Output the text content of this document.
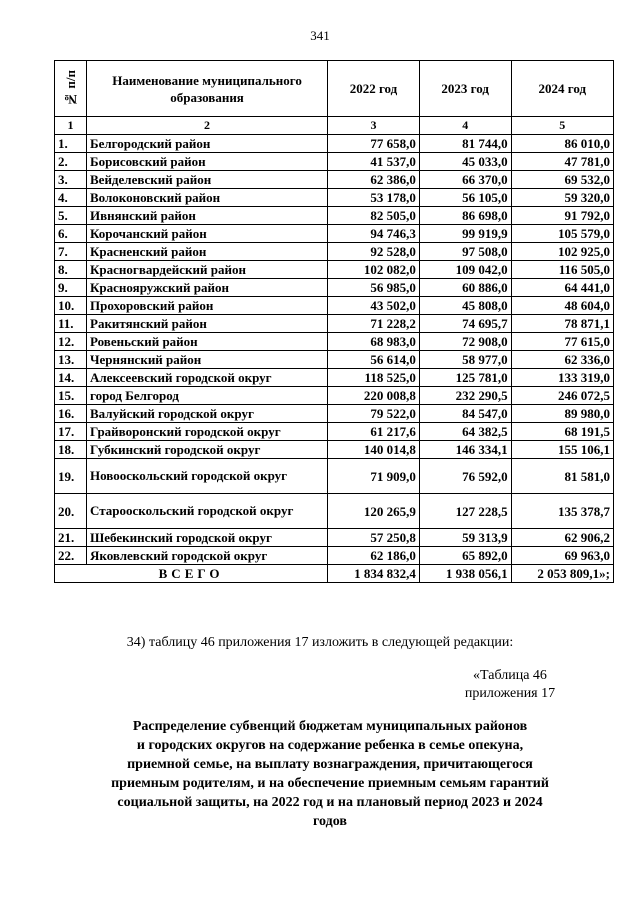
341
№ п/п	Наименование муниципального образования	2022 год	2023 год	2024 год
1	2	3	4	5
1.	Белгородский район	77 658,0	81 744,0	86 010,0
2.	Борисовский район	41 537,0	45 033,0	47 781,0
3.	Вейделевский район	62 386,0	66 370,0	69 532,0
4.	Волоконовский район	53 178,0	56 105,0	59 320,0
5.	Ивнянский район	82 505,0	86 698,0	91 792,0
6.	Корочанский район	94 746,3	99 919,9	105 579,0
7.	Красненский район	92 528,0	97 508,0	102 925,0
8.	Красногвардейский район	102 082,0	109 042,0	116 505,0
9.	Краснояружский район	56 985,0	60 886,0	64 441,0
10.	Прохоровский район	43 502,0	45 808,0	48 604,0
11.	Ракитянский район	71 228,2	74 695,7	78 871,1
12.	Ровеньский район	68 983,0	72 908,0	77 615,0
13.	Чернянский район	56 614,0	58 977,0	62 336,0
14.	Алексеевский городской округ	118 525,0	125 781,0	133 319,0
15.	город Белгород	220 008,8	232 290,5	246 072,5
16.	Валуйский городской округ	79 522,0	84 547,0	89 980,0
17.	Грайворонский городской округ	61 217,6	64 382,5	68 191,5
18.	Губкинский городской округ	140 014,8	146 334,1	155 106,1
19.	Новооскольский городской округ	71 909,0	76 592,0	81 581,0
20.	Старооскольский городской округ	120 265,9	127 228,5	135 378,7
21.	Шебекинский городской округ	57 250,8	59 313,9	62 906,2
22.	Яковлевский городской округ	62 186,0	65 892,0	69 963,0
ВСЕГО		1 834 832,4	1 938 056,1	2 053 809,1»;
34) таблицу 46 приложения 17 изложить в следующей редакции:
«Таблица 46
приложения 17
Распределение субвенций бюджетам муниципальных районов
и городских округов на содержание ребенка в семье опекуна,
приемной семье, на выплату вознаграждения, причитающегося
приемным родителям, и на обеспечение приемным семьям гарантий
социальной защиты, на 2022 год и на плановый период 2023 и 2024 годов
